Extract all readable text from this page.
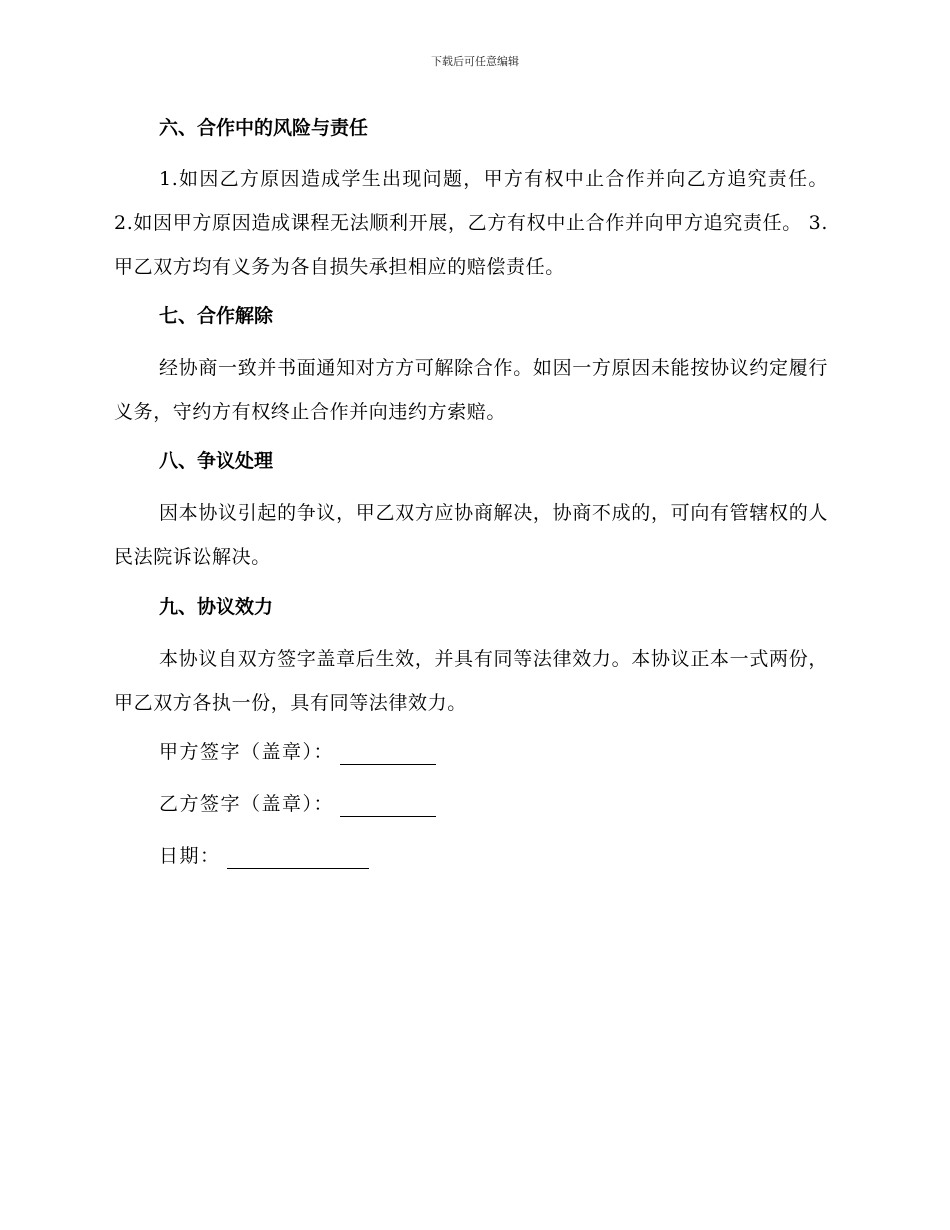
下载后可任意编辑
六、合作中的风险与责任

1.如因乙方原因造成学生出现问题，甲方有权中止合作并向乙方追究责任。 2.如因甲方原因造成课程无法顺利开展，乙方有权中止合作并向甲方追究责任。 3. 甲乙双方均有义务为各自损失承担相应的赔偿责任。

七、合作解除

经协商一致并书面通知对方方可解除合作。如因一方原因未能按协议约定履行义务，守约方有权终止合作并向违约方索赔。

八、争议处理

因本协议引起的争议，甲乙双方应协商解决，协商不成的，可向有管辖权的人民法院诉讼解决。

九、协议效力

本协议自双方签字盖章后生效，并具有同等法律效力。本协议正本一式两份，甲乙双方各执一份，具有同等法律效力。

甲方签字（盖章）：
乙方签字（盖章）：
日期：
